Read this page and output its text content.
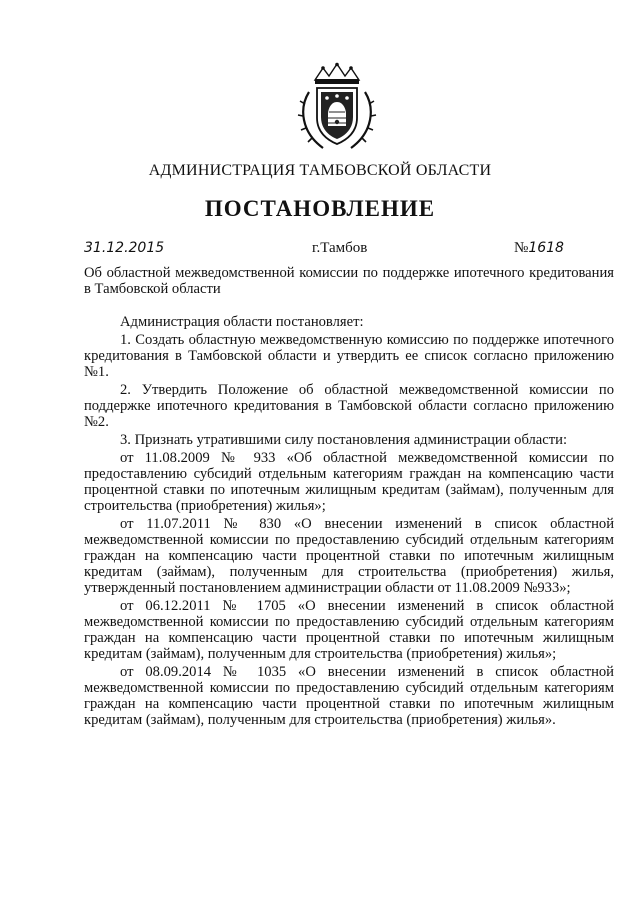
АДМИНИСТРАЦИЯ ТАМБОВСКОЙ ОБЛАСТИ
ПОСТАНОВЛЕНИЕ
31.12.2015	г.Тамбов	№1618
Об областной межведомственной комиссии по поддержке ипотечного кредитования в Тамбовской области

Администрация области постановляет:

1. Создать областную межведомственную комиссию по поддержке ипотечного кредитования в Тамбовской области и утвердить ее список согласно приложению №1.

2. Утвердить Положение об областной межведомственной комиссии по поддержке ипотечного кредитования в Тамбовской области согласно приложению №2.

3. Признать утратившими силу постановления администрации области:

от 11.08.2009 № 933 «Об областной межведомственной комиссии по предоставлению субсидий отдельным категориям граждан на компенсацию части процентной ставки по ипотечным жилищным кредитам (займам), полученным для строительства (приобретения) жилья»;

от 11.07.2011 № 830 «О внесении изменений в список областной межведомственной комиссии по предоставлению субсидий отдельным категориям граждан на компенсацию части процентной ставки по ипотечным жилищным кредитам (займам), полученным для строительства (приобретения) жилья, утвержденный постановлением администрации области от 11.08.2009 №933»;

от 06.12.2011 № 1705 «О внесении изменений в список областной межведомственной комиссии по предоставлению субсидий отдельным категориям граждан на компенсацию части процентной ставки по ипотечным жилищным кредитам (займам), полученным для строительства (приобретения) жилья»;

от 08.09.2014 № 1035 «О внесении изменений в список областной межведомственной комиссии по предоставлению субсидий отдельным категориям граждан на компенсацию части процентной ставки по ипотечным жилищным кредитам (займам), полученным для строительства (приобретения) жилья».
